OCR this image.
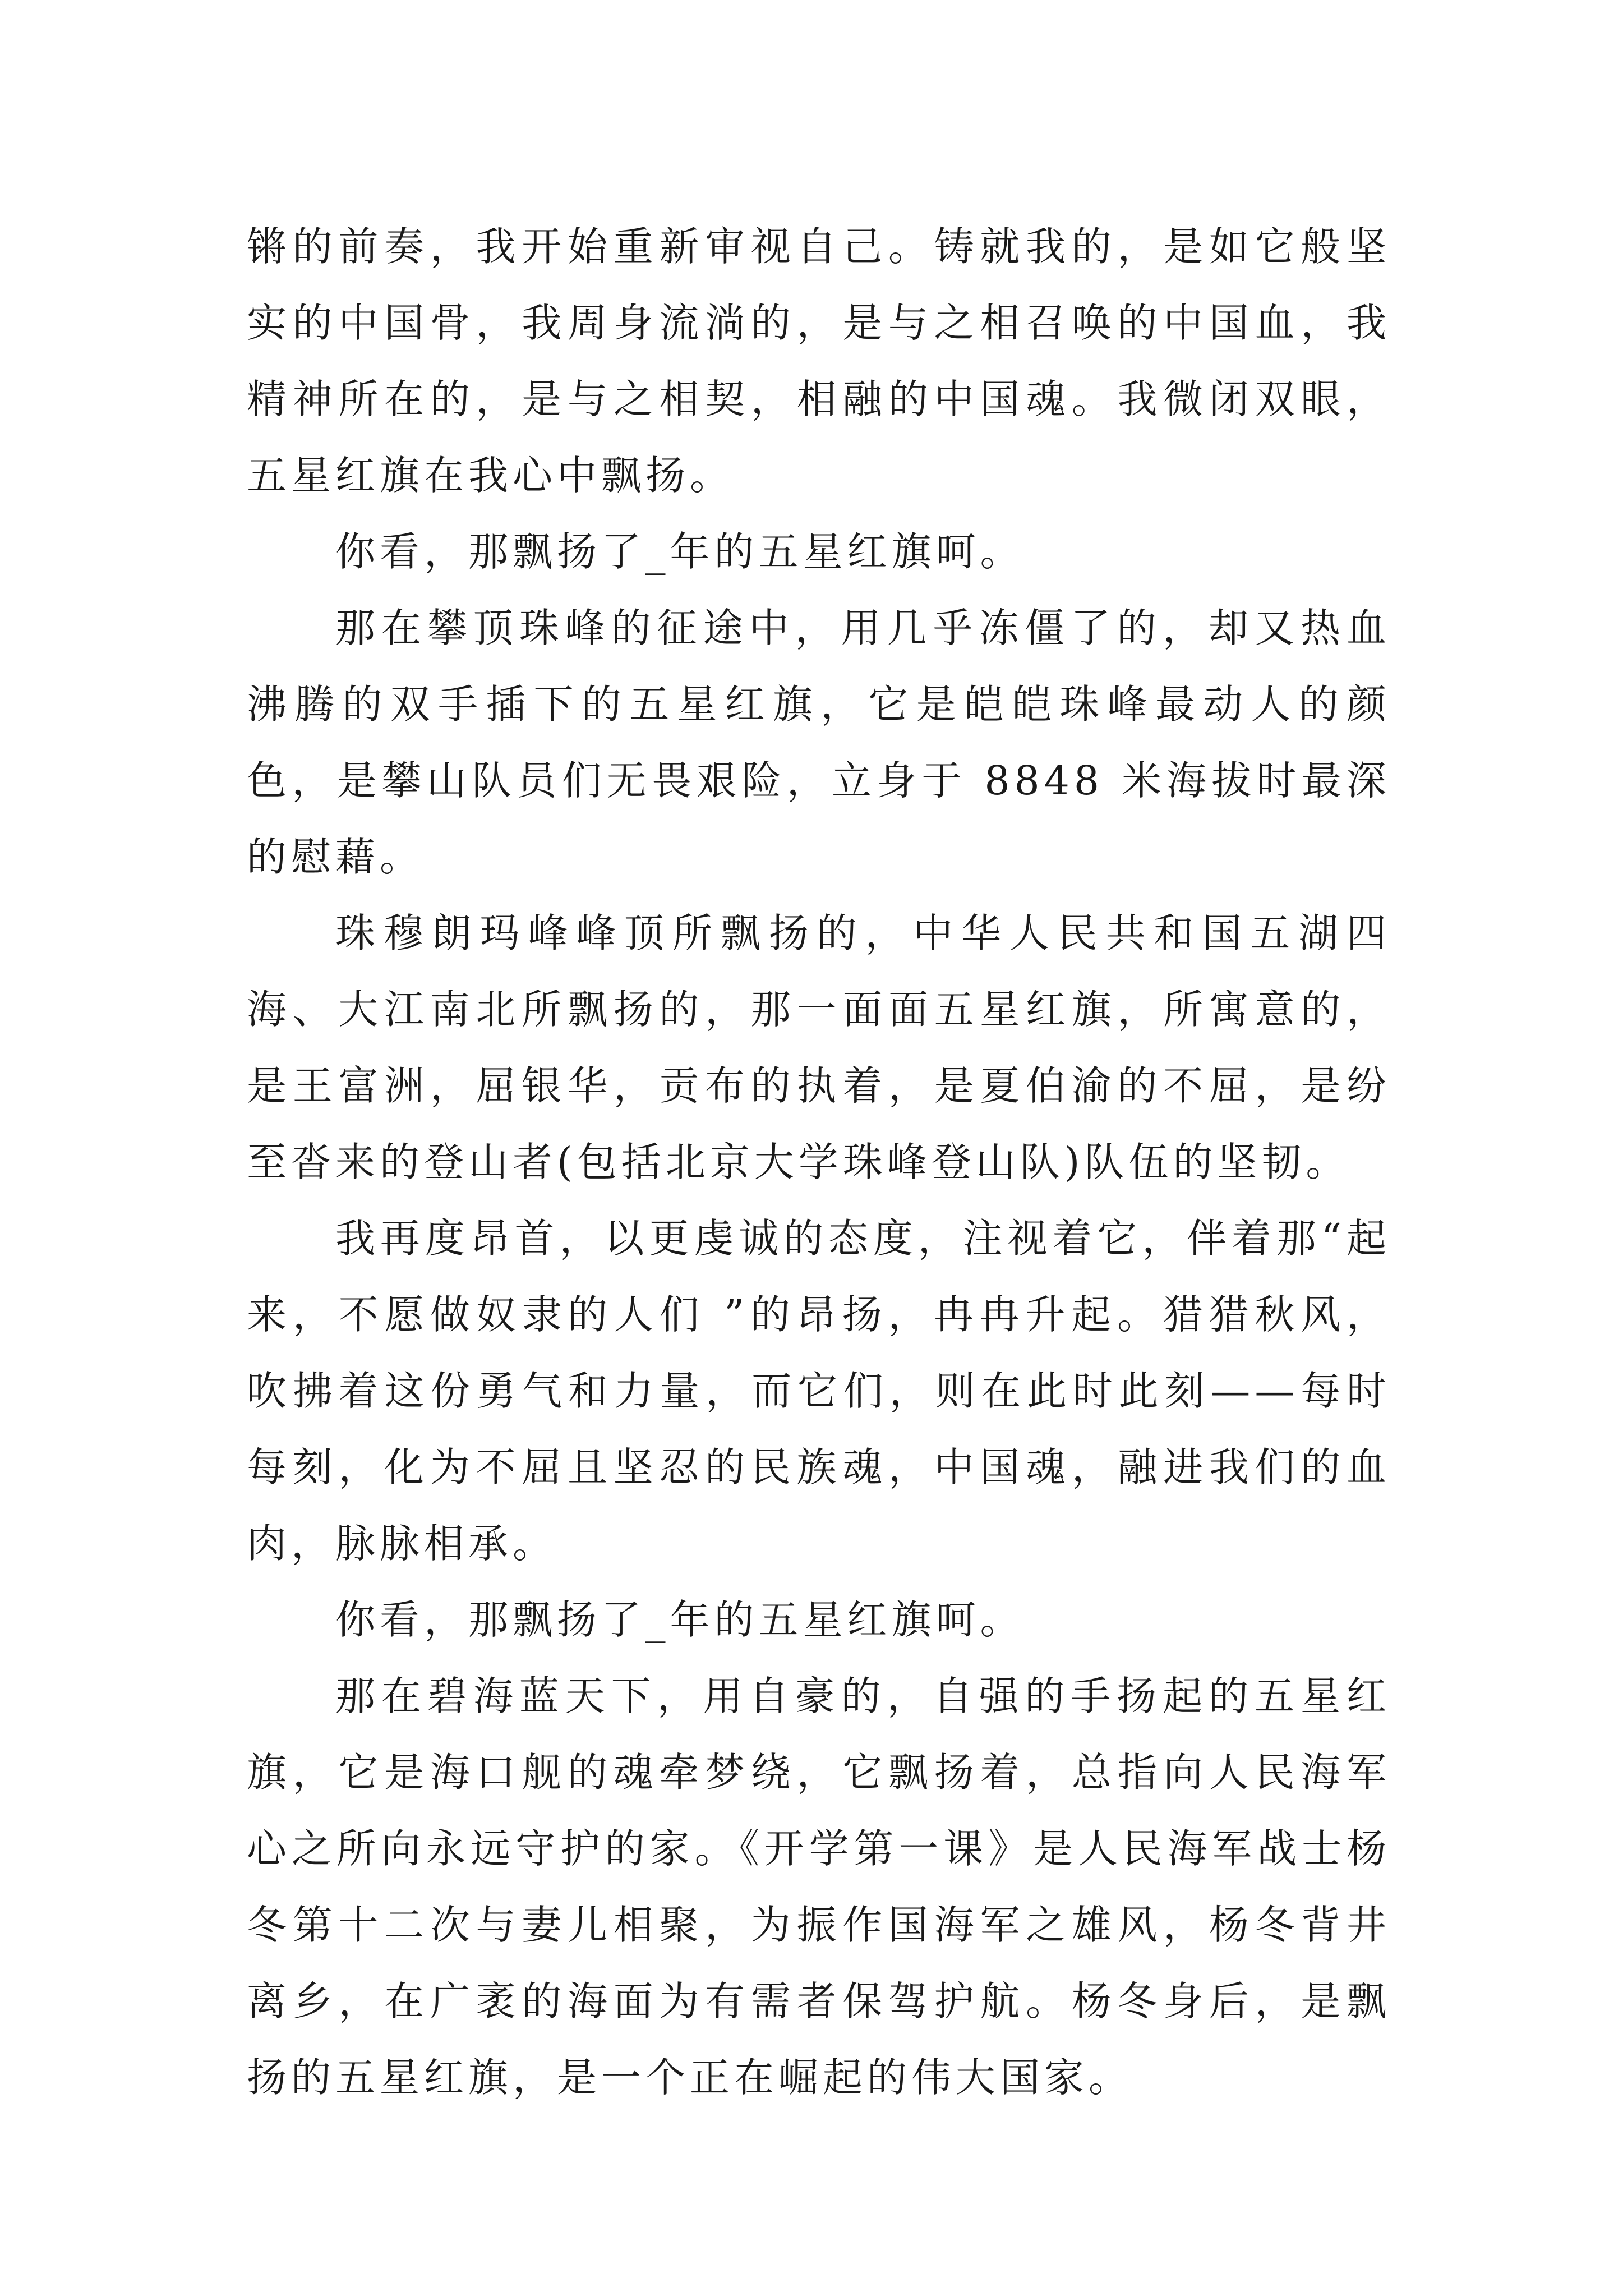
锵的前奏，我开始重新审视自己。铸就我的，是如它般坚实的中国骨，我周身流淌的，是与之相召唤的中国血，我精神所在的，是与之相契，相融的中国魂。我微闭双眼，五星红旗在我心中飘扬。

你看，那飘扬了_年的五星红旗呵。

那在攀顶珠峰的征途中，用几乎冻僵了的，却又热血沸腾的双手插下的五星红旗，它是皑皑珠峰最动人的颜色，是攀山队员们无畏艰险，立身于 8848 米海拔时最深的慰藉。

珠穆朗玛峰峰顶所飘扬的，中华人民共和国五湖四海、大江南北所飘扬的，那一面面五星红旗，所寓意的，是王富洲，屈银华，贡布的执着，是夏伯渝的不屈，是纷至沓来的登山者(包括北京大学珠峰登山队)队伍的坚韧。

我再度昂首，以更虔诚的态度，注视着它，伴着那“起来，不愿做奴隶的人们 ”的昂扬，冉冉升起。猎猎秋风，吹拂着这份勇气和力量，而它们，则在此时此刻——每时每刻，化为不屈且坚忍的民族魂，中国魂，融进我们的血肉，脉脉相承。

你看，那飘扬了_年的五星红旗呵。

那在碧海蓝天下，用自豪的，自强的手扬起的五星红旗，它是海口舰的魂牵梦绕，它飘扬着，总指向人民海军心之所向永远守护的家。《开学第一课》是人民海军战士杨冬第十二次与妻儿相聚，为振作国海军之雄风，杨冬背井离乡，在广袤的海面为有需者保驾护航。杨冬身后，是飘扬的五星红旗，是一个正在崛起的伟大国家。
